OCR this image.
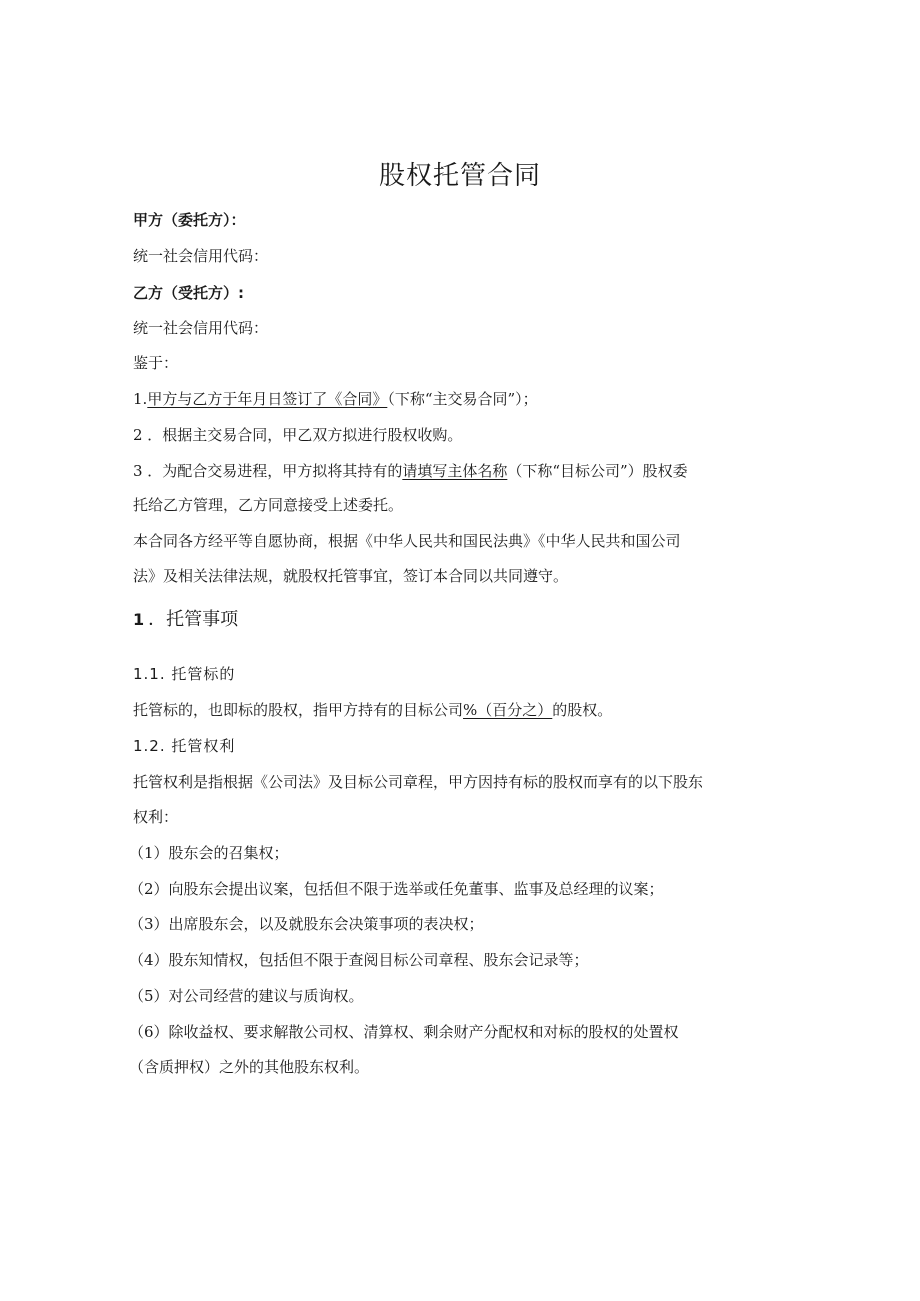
股权托管合同
甲方（委托方）：
统一社会信用代码：
乙方（受托方）:
统一社会信用代码：
鉴于：
1.甲方与乙方于年月日签订了《合同》（下称“主交易合同”）；
2 ．根据主交易合同，甲乙双方拟进行股权收购。
3 ．为配合交易进程，甲方拟将其持有的请填写主体名称（下称“目标公司”）股权委
托给乙方管理，乙方同意接受上述委托。
本合同各方经平等自愿协商，根据《中华人民共和国民法典》《中华人民共和国公司
法》及相关法律法规，就股权托管事宜，签订本合同以共同遵守。
1 ．托管事项
1.1. 托管标的
托管标的，也即标的股权，指甲方持有的目标公司%（百分之）的股权。
1.2. 托管权利
托管权利是指根据《公司法》及目标公司章程，甲方因持有标的股权而享有的以下股东
权利：
（1）股东会的召集权；
（2）向股东会提出议案，包括但不限于选举或任免董事、监事及总经理的议案；
（3）出席股东会，以及就股东会决策事项的表决权；
（4）股东知情权，包括但不限于查阅目标公司章程、股东会记录等；
（5）对公司经营的建议与质询权。
（6）除收益权、要求解散公司权、清算权、剩余财产分配权和对标的股权的处置权
（含质押权）之外的其他股东权利。
